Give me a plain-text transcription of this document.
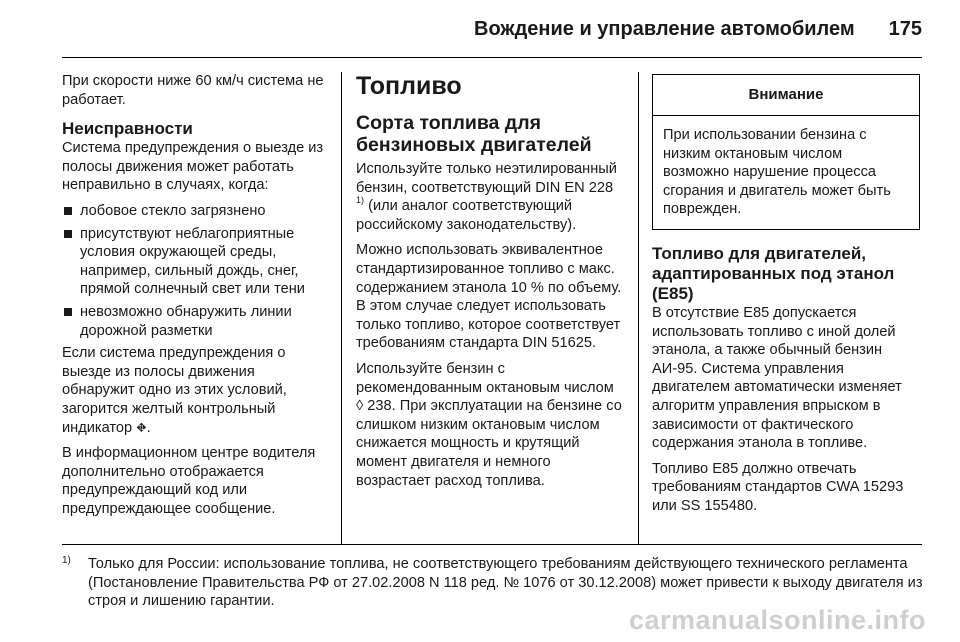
Вождение и управление автомобилем 175

При скорости ниже 60 км/ч система не работает.

Неисправности

Система предупреждения о выезде из полосы движения может работать неправильно в случаях, когда:

лобовое стекло загрязнено
присутствуют неблагоприятные условия окружающей среды, например, сильный дождь, снег, прямой солнечный свет или тени
невозможно обнаружить линии дорожной разметки

Если система предупреждения о выезде из полосы движения обнаружит одно из этих условий, загорится желтый контрольный индикатор ⛖.

В информационном центре водителя дополнительно отображается предупреждающий код или предупреждающее сообщение.

Топливо
Сорта топлива для бензиновых двигателей

Используйте только неэтилированный бензин, соответствующий DIN EN 228 $^{1)}$ (или аналог соответствующий российскому законодательству).

Можно использовать эквивалентное стандартизированное топливо с макс. содержанием этанола 10 % по объему. В этом случае следует использовать только топливо, которое соответствует требованиям стандарта DIN 51625.

Используйте бензин с рекомендованным октановым числом ◊ 238. При эксплуатации на бензине со слишком низким октановым числом снижается мощность и крутящий момент двигателя и немного возрастает расход топлива.

Внимание
При использовании бензина с низким октановым числом возможно нарушение процесса сгорания и двигатель может быть поврежден.
Топливо для двигателей, адаптированных под этанол (E85)

В отсутствие E85 допускается использовать топливо с иной долей этанола, а также обычный бензин АИ-95. Система управления двигателем автоматически изменяет алгоритм управления впрыском в зависимости от фактического содержания этанола в топливе.

Топливо E85 должно отвечать требованиям стандартов CWA 15293 или SS 155480.

1)	Только для России: использование топлива, не соответствующего требованиям действующего технического регламента (Постановление Правительства РФ от 27.02.2008 N 118 ред. № 1076 от 30.12.2008) может привести к выходу двигателя из строя и лишению гарантии.
carmanualsonline.info
